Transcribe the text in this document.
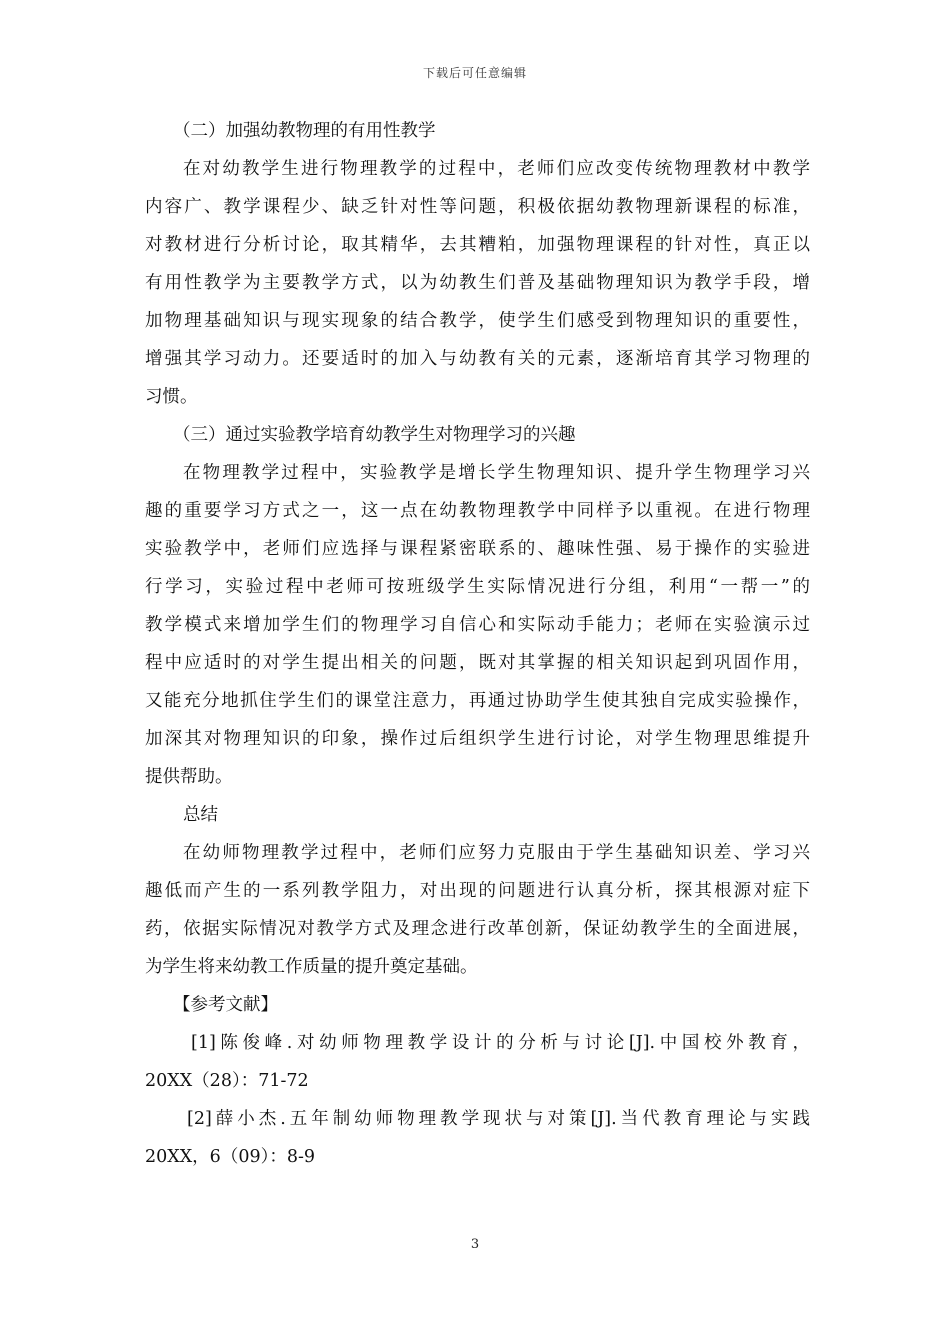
下载后可任意编辑
（二）加强幼教物理的有用性教学
在对幼教学生进行物理教学的过程中，老师们应改变传统物理教材中教学
内容广、教学课程少、缺乏针对性等问题，积极依据幼教物理新课程的标准，
对教材进行分析讨论，取其精华，去其糟粕，加强物理课程的针对性，真正以
有用性教学为主要教学方式，以为幼教生们普及基础物理知识为教学手段，增
加物理基础知识与现实现象的结合教学，使学生们感受到物理知识的重要性，
增强其学习动力。还要适时的加入与幼教有关的元素，逐渐培育其学习物理的
习惯。
（三）通过实验教学培育幼教学生对物理学习的兴趣
在物理教学过程中，实验教学是增长学生物理知识、提升学生物理学习兴
趣的重要学习方式之一，这一点在幼教物理教学中同样予以重视。在进行物理
实验教学中，老师们应选择与课程紧密联系的、趣味性强、易于操作的实验进
行学习，实验过程中老师可按班级学生实际情况进行分组，利用“一帮一”的
教学模式来增加学生们的物理学习自信心和实际动手能力；老师在实验演示过
程中应适时的对学生提出相关的问题，既对其掌握的相关知识起到巩固作用，
又能充分地抓住学生们的课堂注意力，再通过协助学生使其独自完成实验操作，
加深其对物理知识的印象，操作过后组织学生进行讨论，对学生物理思维提升
提供帮助。
总结
在幼师物理教学过程中，老师们应努力克服由于学生基础知识差、学习兴
趣低而产生的一系列教学阻力，对出现的问题进行认真分析，探其根源对症下
药，依据实际情况对教学方式及理念进行改革创新，保证幼教学生的全面进展，
为学生将来幼教工作质量的提升奠定基础。
【参考文献】
[1]陈俊峰.对幼师物理教学设计的分析与讨论[J].中国校外教育，
20XX（28）：71-72
[2]薛小杰.五年制幼师物理教学现状与对策[J].当代教育理论与实践
20XX，6（09）：8-9
3
